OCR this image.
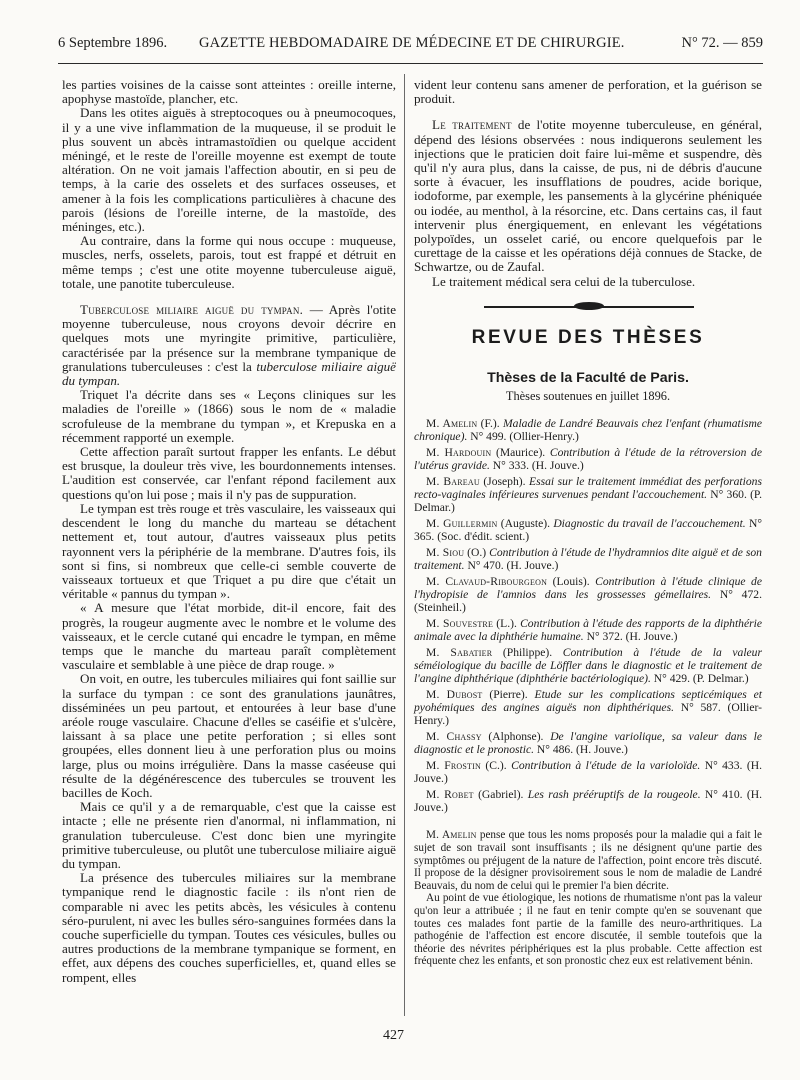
6 Septembre 1896. GAZETTE HEBDOMADAIRE DE MÉDECINE ET DE CHIRURGIE.	N° 72. — 859

les parties voisines de la caisse sont atteintes : oreille interne, apophyse mastoïde, plancher, etc.

Dans les otites aiguës à streptocoques ou à pneumocoques, il y a une vive inflammation de la muqueuse, il se produit le plus souvent un abcès intramastoïdien ou quelque accident méningé, et le reste de l'oreille moyenne est exempt de toute altération. On ne voit jamais l'affection aboutir, en si peu de temps, à la carie des osselets et des surfaces osseuses, et amener à la fois les complications particulières à chacune des parois (lésions de l'oreille interne, de la mastoïde, des méninges, etc.).

Au contraire, dans la forme qui nous occupe : muqueuse, muscles, nerfs, osselets, parois, tout est frappé et détruit en même temps ; c'est une otite moyenne tuberculeuse aiguë, totale, une panotite tuberculeuse.

Tuberculose miliaire aiguë du tympan. — Après l'otite moyenne tuberculeuse, nous croyons devoir décrire en quelques mots une myringite primitive, particulière, caractérisée par la présence sur la membrane tympanique de granulations tuberculeuses : c'est la tuberculose miliaire aiguë du tympan.

Triquet l'a décrite dans ses « Leçons cliniques sur les maladies de l'oreille » (1866) sous le nom de « maladie scrofuleuse de la membrane du tympan », et Krepuska en a récemment rapporté un exemple.

Cette affection paraît surtout frapper les enfants. Le début est brusque, la douleur très vive, les bourdonnements intenses. L'audition est conservée, car l'enfant répond facilement aux questions qu'on lui pose ; mais il n'y pas de suppuration.

Le tympan est très rouge et très vasculaire, les vaisseaux qui descendent le long du manche du marteau se détachent nettement et, tout autour, d'autres vaisseaux plus petits rayonnent vers la périphérie de la membrane. D'autres fois, ils sont si fins, si nombreux que celle-ci semble couverte de vaisseaux tortueux et que Triquet a pu dire que c'était un véritable « pannus du tympan ».

« A mesure que l'état morbide, dit-il encore, fait des progrès, la rougeur augmente avec le nombre et le volume des vaisseaux, et le cercle cutané qui encadre le tympan, en même temps que le manche du marteau paraît complètement vasculaire et semblable à une pièce de drap rouge. »

On voit, en outre, les tubercules miliaires qui font saillie sur la surface du tympan : ce sont des granulations jaunâtres, disséminées un peu partout, et entourées à leur base d'une aréole rouge vasculaire. Chacune d'elles se caséifie et s'ulcère, laissant à sa place une petite perforation ; si elles sont groupées, elles donnent lieu à une perforation plus ou moins large, plus ou moins irrégulière. Dans la masse caséeuse qui résulte de la dégénérescence des tubercules se trouvent les bacilles de Koch.

Mais ce qu'il y a de remarquable, c'est que la caisse est intacte ; elle ne présente rien d'anormal, ni inflammation, ni granulation tuberculeuse. C'est donc bien une myringite primitive tuberculeuse, ou plutôt une tuberculose miliaire aiguë du tympan.

La présence des tubercules miliaires sur la membrane tympanique rend le diagnostic facile : ils n'ont rien de comparable ni avec les petits abcès, les vésicules à contenu séro-purulent, ni avec les bulles séro-sanguines formées dans la couche superficielle du tympan. Toutes ces vésicules, bulles ou autres productions de la membrane tympanique se forment, en effet, aux dépens des couches superficielles, et, quand elles se rompent, elles

vident leur contenu sans amener de perforation, et la guérison se produit.

Le traitement de l'otite moyenne tuberculeuse, en général, dépend des lésions observées : nous indiquerons seulement les injections que le praticien doit faire lui-même et suspendre, dès qu'il n'y aura plus, dans la caisse, de pus, ni de débris d'aucune sorte à évacuer, les insufflations de poudres, acide borique, iodoforme, par exemple, les pansements à la glycérine phéniquée ou iodée, au menthol, à la résorcine, etc. Dans certains cas, il faut intervenir plus énergiquement, en enlevant les végétations polypoïdes, un osselet carié, ou encore quelquefois par le curettage de la caisse et les opérations déjà connues de Stacke, de Schwartze, ou de Zaufal.

Le traitement médical sera celui de la tuberculose.

REVUE DES THÈSES
Thèses de la Faculté de Paris.
Thèses soutenues en juillet 1896.

M. Amelin (F.). Maladie de Landré Beauvais chez l'enfant (rhumatisme chronique). N° 499. (Ollier-Henry.)

M. Hardouin (Maurice). Contribution à l'étude de la rétroversion de l'utérus gravide. N° 333. (H. Jouve.)

M. Bareau (Joseph). Essai sur le traitement immédiat des perforations recto-vaginales inférieures survenues pendant l'accouchement. N° 360. (P. Delmar.)

M. Guillermin (Auguste). Diagnostic du travail de l'accouchement. N° 365. (Soc. d'édit. scient.)

M. Siou (O.) Contribution à l'étude de l'hydramnios dite aiguë et de son traitement. N° 470. (H. Jouve.)

M. Clavaud-Ribourgeon (Louis). Contribution à l'étude clinique de l'hydropisie de l'amnios dans les grossesses gémellaires. N° 472. (Steinheil.)

M. Souvestre (L.). Contribution à l'étude des rapports de la diphthérie animale avec la diphthérie humaine. N° 372. (H. Jouve.)

M. Sabatier (Philippe). Contribution à l'étude de la valeur séméiologique du bacille de Löffler dans le diagnostic et le traitement de l'angine diphthérique (diphthérie bactériologique). N° 429. (P. Delmar.)

M. Dubost (Pierre). Etude sur les complications septicémiques et pyohémiques des angines aiguës non diphthériques. N° 587. (Ollier-Henry.)

M. Chassy (Alphonse). De l'angine variolique, sa valeur dans le diagnostic et le pronostic. N° 486. (H. Jouve.)

M. Frostin (C.). Contribution à l'étude de la varioloïde. N° 433. (H. Jouve.)

M. Robet (Gabriel). Les rash prééruptifs de la rougeole. N° 410. (H. Jouve.)

M. Amelin pense que tous les noms proposés pour la maladie qui a fait le sujet de son travail sont insuffisants ; ils ne désignent qu'une partie des symptômes ou préjugent de la nature de l'affection, point encore très discuté. Il propose de la désigner provisoirement sous le nom de maladie de Landré Beauvais, du nom de celui qui le premier l'a bien décrite.

Au point de vue étiologique, les notions de rhumatisme n'ont pas la valeur qu'on leur a attribuée ; il ne faut en tenir compte qu'en se souvenant que toutes ces malades font partie de la famille des neuro-arthritiques. La pathogénie de l'affection est encore discutée, il semble toutefois que la théorie des névrites périphériques est la plus probable. Cette affection est fréquente chez les enfants, et son pronostic chez eux est relativement bénin.

427
